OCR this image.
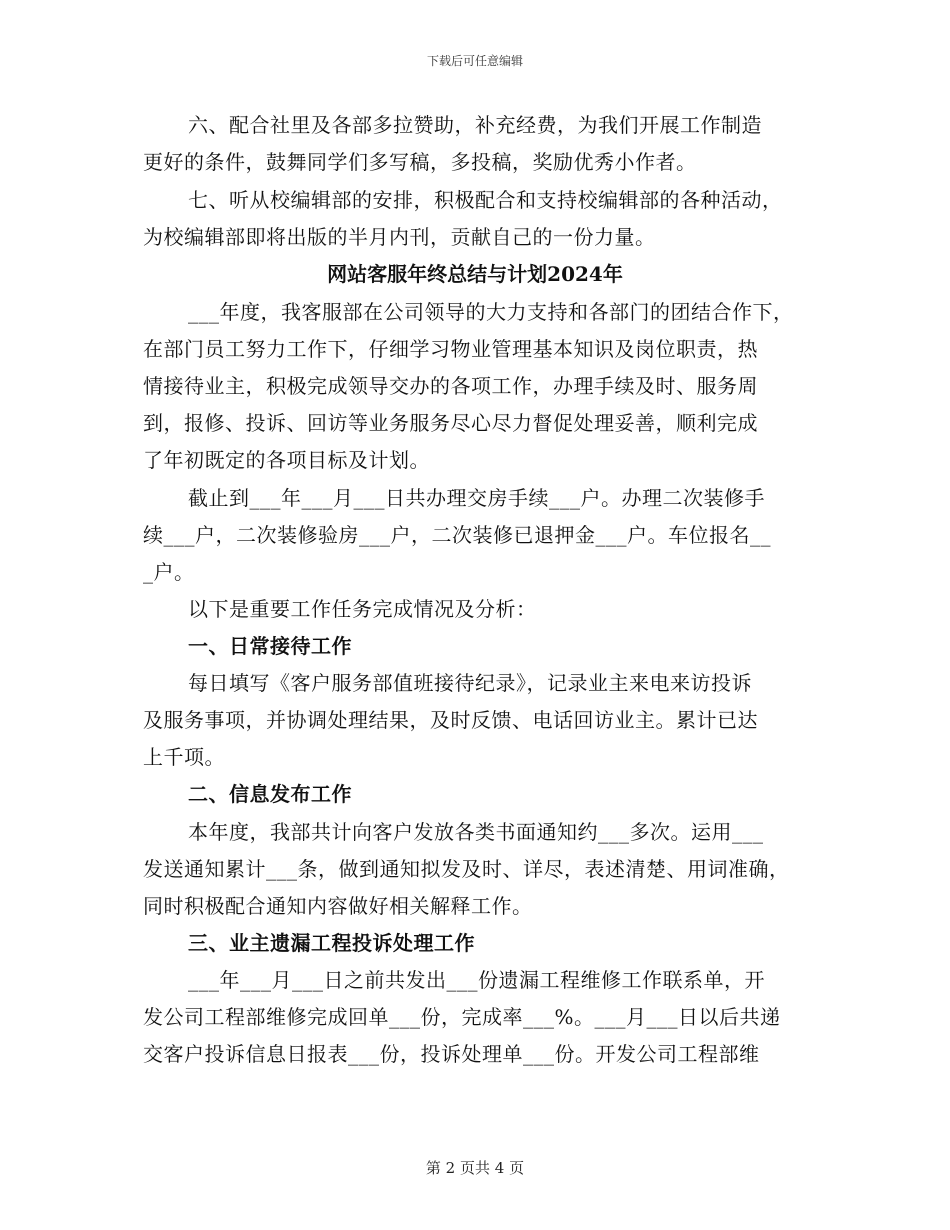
下载后可任意编辑
六、配合社里及各部多拉赞助，补充经费，为我们开展工作制造
更好的条件，鼓舞同学们多写稿，多投稿，奖励优秀小作者。
七、听从校编辑部的安排，积极配合和支持校编辑部的各种活动，
为校编辑部即将出版的半月内刊，贡献自己的一份力量。
网站客服年终总结与计划2024年
___年度，我客服部在公司领导的大力支持和各部门的团结合作下，
在部门员工努力工作下，仔细学习物业管理基本知识及岗位职责，热
情接待业主，积极完成领导交办的各项工作，办理手续及时、服务周
到，报修、投诉、回访等业务服务尽心尽力督促处理妥善，顺利完成
了年初既定的各项目标及计划。
截止到___年___月___日共办理交房手续___户。办理二次装修手
续___户，二次装修验房___户，二次装修已退押金___户。车位报名__
_户。
以下是重要工作任务完成情况及分析：
一、日常接待工作
每日填写《客户服务部值班接待纪录》，记录业主来电来访投诉
及服务事项，并协调处理结果，及时反馈、电话回访业主。累计已达
上千项。
二、信息发布工作
本年度，我部共计向客户发放各类书面通知约___多次。运用___
发送通知累计___条，做到通知拟发及时、详尽，表述清楚、用词准确，
同时积极配合通知内容做好相关解释工作。
三、业主遗漏工程投诉处理工作
___年___月___日之前共发出___份遗漏工程维修工作联系单，开
发公司工程部维修完成回单___份，完成率___%。___月___日以后共递
交客户投诉信息日报表___份，投诉处理单___份。开发公司工程部维
第 2 页共 4 页
